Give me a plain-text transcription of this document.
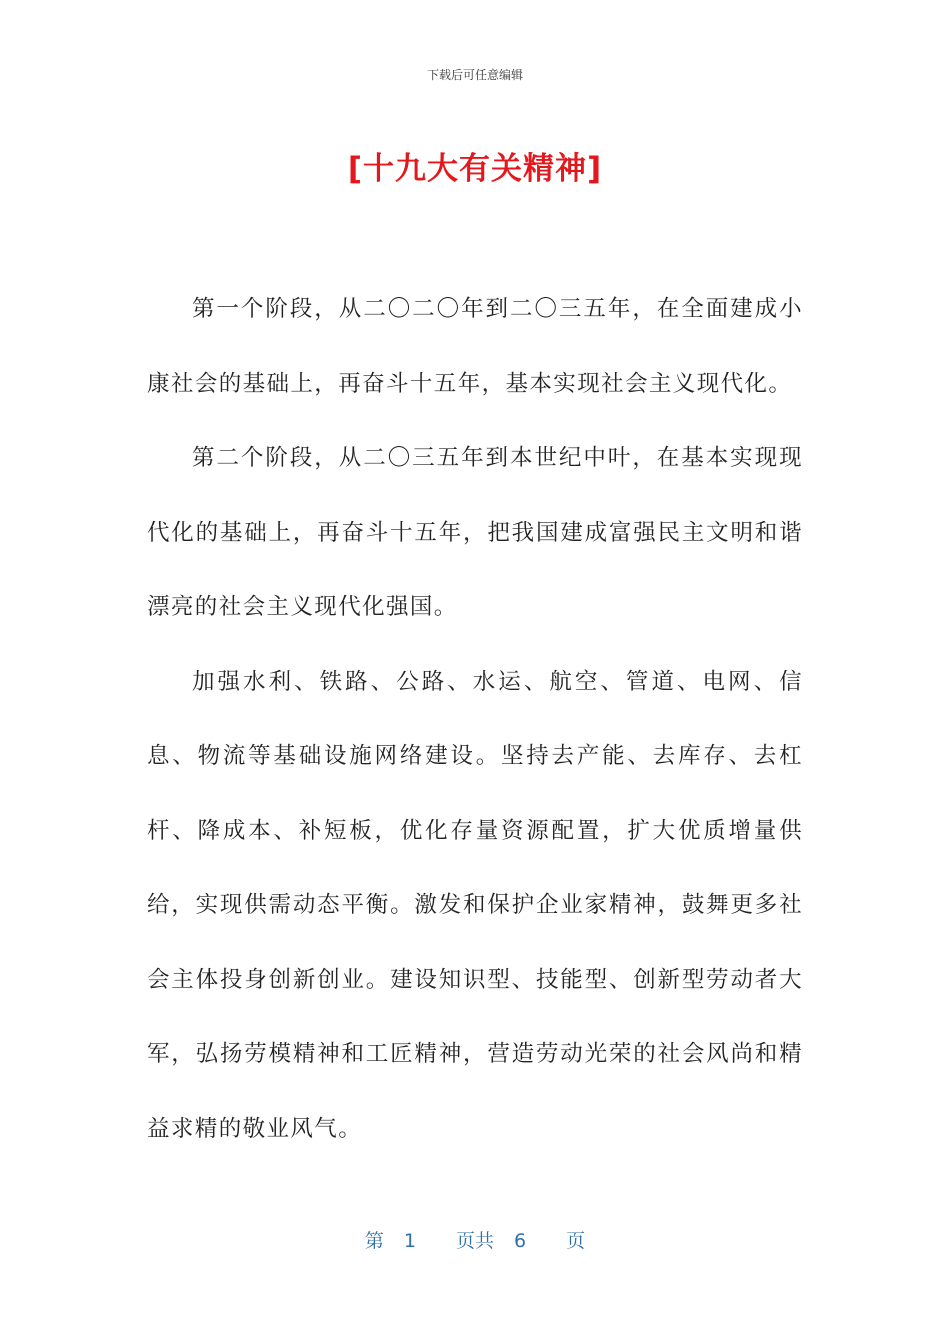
下载后可任意编辑
[十九大有关精神]

第一个阶段，从二〇二〇年到二〇三五年，在全面建成小康社会的基础上，再奋斗十五年，基本实现社会主义现代化。

第二个阶段，从二〇三五年到本世纪中叶，在基本实现现代化的基础上，再奋斗十五年，把我国建成富强民主文明和谐漂亮的社会主义现代化强国。

加强水利、铁路、公路、水运、航空、管道、电网、信息、物流等基础设施网络建设。坚持去产能、去库存、去杠杆、降成本、补短板，优化存量资源配置，扩大优质增量供给，实现供需动态平衡。激发和保护企业家精神，鼓舞更多社会主体投身创新创业。建设知识型、技能型、创新型劳动者大军，弘扬劳模精神和工匠精神，营造劳动光荣的社会风尚和精益求精的敬业风气。

第 1 页共 6 页
